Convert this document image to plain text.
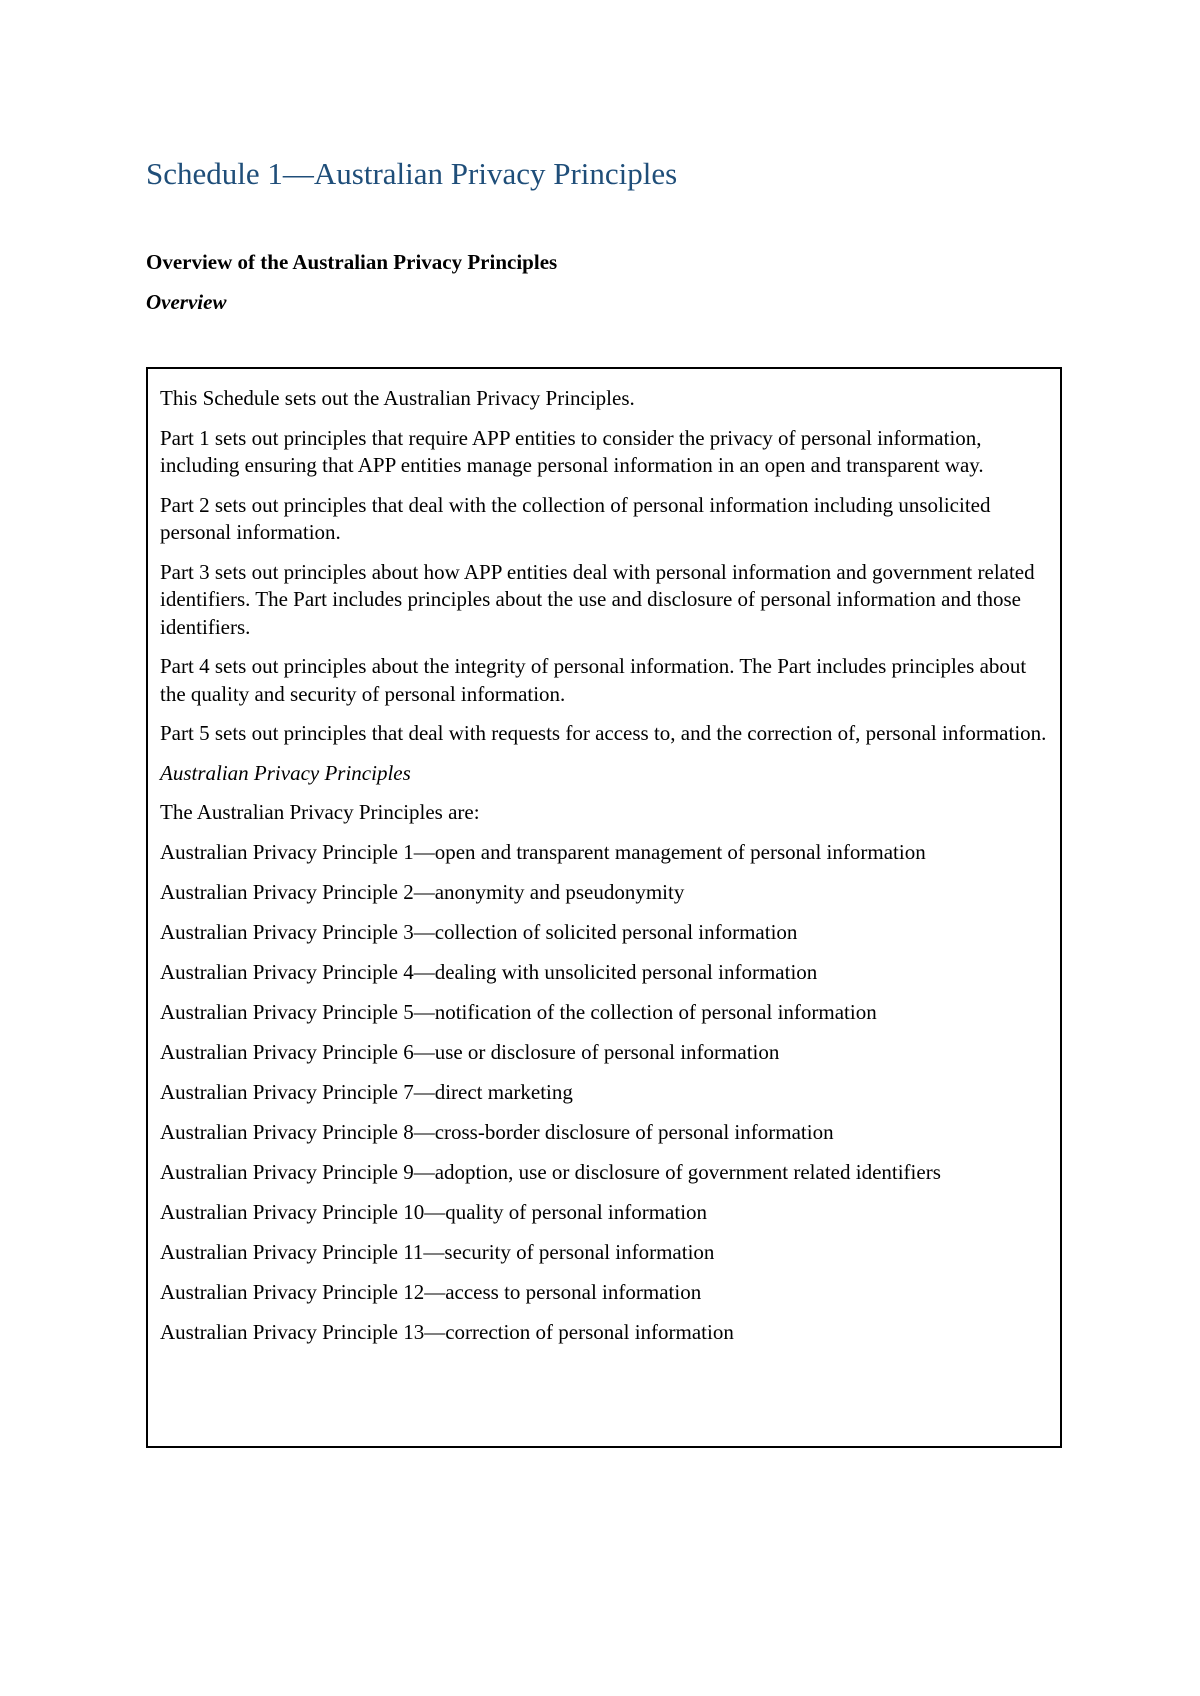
Schedule 1—Australian Privacy Principles
Overview of the Australian Privacy Principles
Overview

This Schedule sets out the Australian Privacy Principles.

Part 1 sets out principles that require APP entities to consider the privacy of personal information, including ensuring that APP entities manage personal information in an open and transparent way.

Part 2 sets out principles that deal with the collection of personal information including unsolicited personal information.

Part 3 sets out principles about how APP entities deal with personal information and government related identifiers. The Part includes principles about the use and disclosure of personal information and those identifiers.

Part 4 sets out principles about the integrity of personal information. The Part includes principles about the quality and security of personal information.

Part 5 sets out principles that deal with requests for access to, and the correction of, personal information.

Australian Privacy Principles

The Australian Privacy Principles are:

Australian Privacy Principle 1—open and transparent management of personal information
Australian Privacy Principle 2—anonymity and pseudonymity
Australian Privacy Principle 3—collection of solicited personal information
Australian Privacy Principle 4—dealing with unsolicited personal information
Australian Privacy Principle 5—notification of the collection of personal information
Australian Privacy Principle 6—use or disclosure of personal information
Australian Privacy Principle 7—direct marketing
Australian Privacy Principle 8—cross-border disclosure of personal information
Australian Privacy Principle 9—adoption, use or disclosure of government related identifiers
Australian Privacy Principle 10—quality of personal information
Australian Privacy Principle 11—security of personal information
Australian Privacy Principle 12—access to personal information
Australian Privacy Principle 13—correction of personal information
